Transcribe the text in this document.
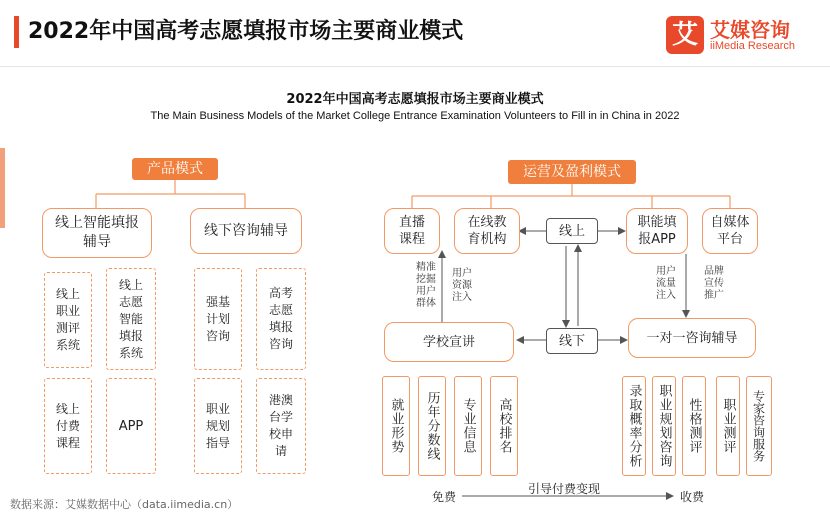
2022年中国高考志愿填报市场主要商业模式	艾 艾媒咨询
iiMedia Research
2022年中国高考志愿填报市场主要商业模式
The Main Business Models of the Market College Entrance Examination Volunteers to Fill in in China in 2022
产品模式
线上智能填报
辅导
线下咨询辅导
线上
职业
测评
系统
线上
志愿
智能
填报
系统
线上
付费
课程
APP
强基
计划
咨询
高考
志愿
填报
咨询
职业
规划
指导
港澳
台学
校申
请
运营及盈利模式
直播
课程
在线教
育机构
职能填
报APP
自媒体
平台
线上
线下
学校宣讲	一对一咨询辅导
精准
挖掘
用户
群体
用户
资源
注入
用户
流量
注入
品牌
宣传
推广
就业形势 历年分数线 专业信息 高校排名	录取概率分析 职业规划咨询 性格测评 职业测评 专家咨询服务
免费
引导付费变现
收费
数据来源：艾媒数据中心（data.iimedia.cn）
